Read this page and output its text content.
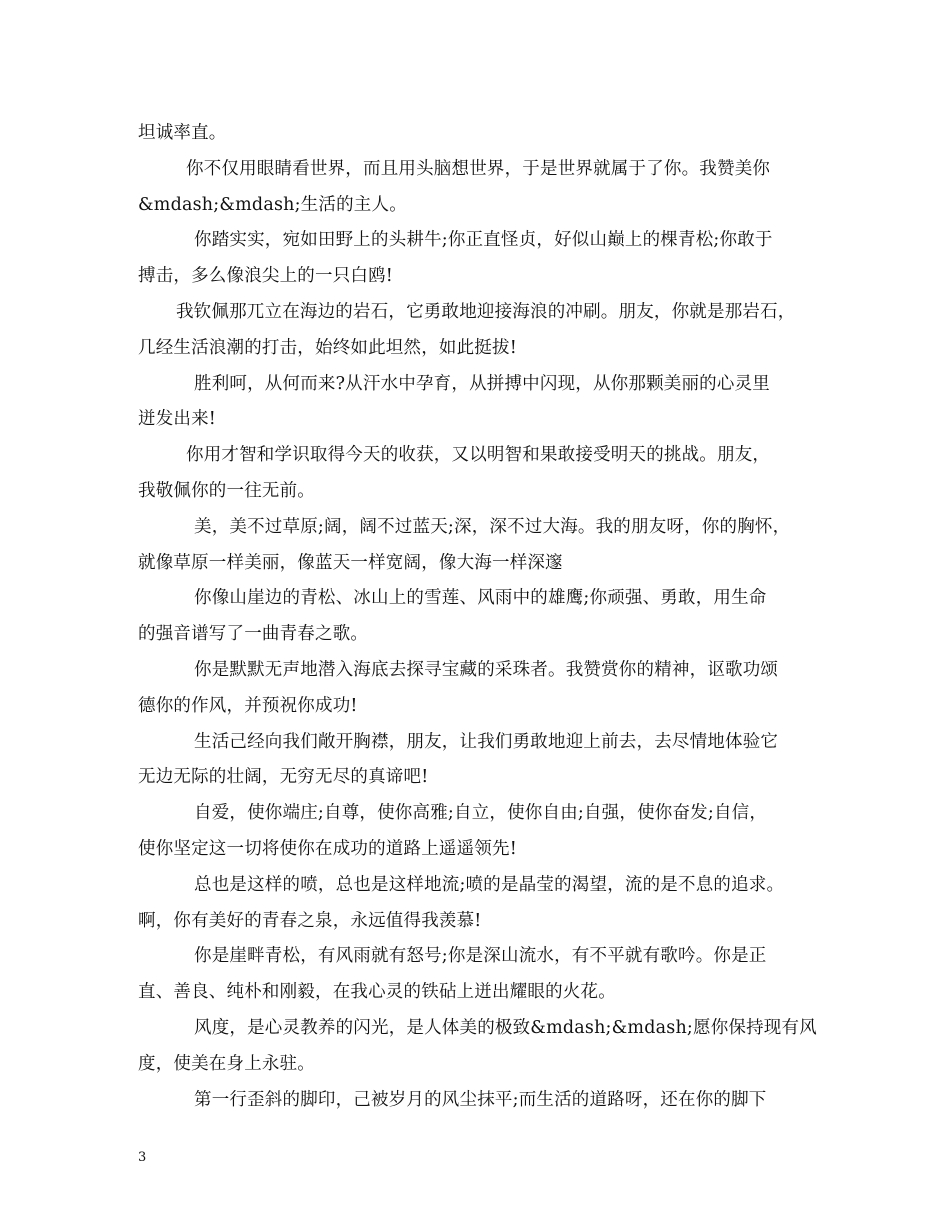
坦诚率直。
你不仅用眼睛看世界，而且用头脑想世界，于是世界就属于了你。我赞美你
&mdash;&mdash;生活的主人。
你踏实实，宛如田野上的头耕牛;你正直怪贞，好似山巅上的棵青松;你敢于
搏击，多么像浪尖上的一只白鸥!
我钦佩那兀立在海边的岩石，它勇敢地迎接海浪的冲刷。朋友，你就是那岩石，
几经生活浪潮的打击，始终如此坦然，如此挺拔!
胜利呵，从何而来?从汗水中孕育，从拼搏中闪现，从你那颗美丽的心灵里
迸发出来!
你用才智和学识取得今天的收获，又以明智和果敢接受明天的挑战。朋友，
我敬佩你的一往无前。
美，美不过草原;阔，阔不过蓝天;深，深不过大海。我的朋友呀，你的胸怀，
就像草原一样美丽，像蓝天一样宽阔，像大海一样深邃
你像山崖边的青松、冰山上的雪莲、风雨中的雄鹰;你顽强、勇敢，用生命
的强音谱写了一曲青春之歌。
你是默默无声地潜入海底去探寻宝藏的采珠者。我赞赏你的精神，讴歌功颂
德你的作风，并预祝你成功!
生活己经向我们敞开胸襟，朋友，让我们勇敢地迎上前去，去尽情地体验它
无边无际的壮阔，无穷无尽的真谛吧!
自爱，使你端庄;自尊，使你高雅;自立，使你自由;自强，使你奋发;自信，
使你坚定这一切将使你在成功的道路上遥遥领先!
总也是这样的喷，总也是这样地流;喷的是晶莹的渴望，流的是不息的追求。
啊，你有美好的青春之泉，永远值得我羡慕!
你是崖畔青松，有风雨就有怒号;你是深山流水，有不平就有歌吟。你是正
直、善良、纯朴和刚毅，在我心灵的铁砧上迸出耀眼的火花。
风度，是心灵教养的闪光，是人体美的极致&mdash;&mdash;愿你保持现有风
度，使美在身上永驻。
第一行歪斜的脚印，己被岁月的风尘抹平;而生活的道路呀，还在你的脚下
3
